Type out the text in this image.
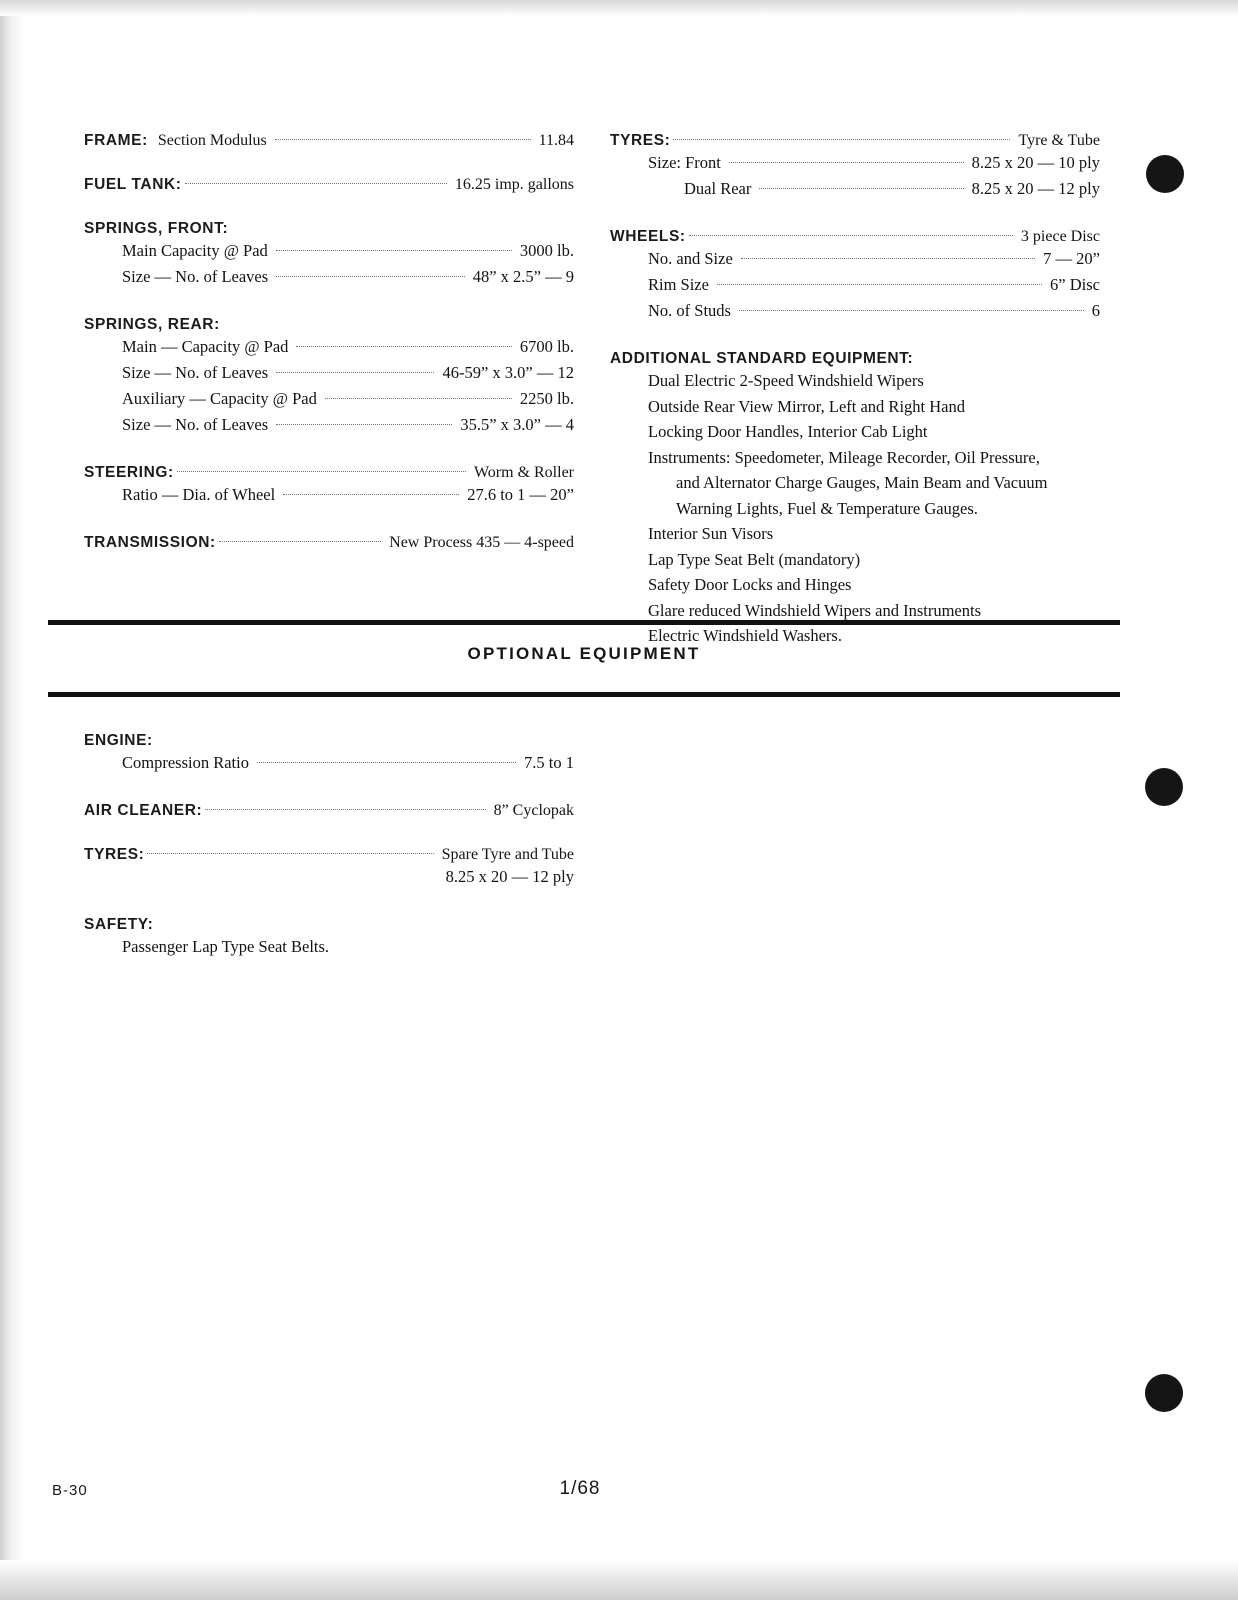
FRAME: Section Modulus	11.84
FUEL TANK:	16.25 imp. gallons
SPRINGS, FRONT:
Main Capacity @ Pad	3000 lb.
Size — No. of Leaves	48” x 2.5” — 9
SPRINGS, REAR:
Main — Capacity @ Pad	6700 lb.
Size — No. of Leaves	46-59” x 3.0” — 12
Auxiliary — Capacity @ Pad	2250 lb.
Size — No. of Leaves	35.5” x 3.0” — 4
STEERING:	Worm & Roller
Ratio — Dia. of Wheel	27.6 to 1 — 20”
TRANSMISSION:	New Process 435 — 4-speed
TYRES:	Tyre & Tube
Size: Front	8.25 x 20 — 10 ply
Dual Rear	8.25 x 20 — 12 ply
WHEELS:	3 piece Disc
No. and Size	7 — 20”
Rim Size	6” Disc
No. of Studs	6
ADDITIONAL STANDARD EQUIPMENT:
Dual Electric 2-Speed Windshield Wipers
Outside Rear View Mirror, Left and Right Hand
Locking Door Handles, Interior Cab Light
Instruments: Speedometer, Mileage Recorder, Oil Pressure,
and Alternator Charge Gauges, Main Beam and Vacuum
Warning Lights, Fuel & Temperature Gauges.
Interior Sun Visors
Lap Type Seat Belt (mandatory)
Safety Door Locks and Hinges
Glare reduced Windshield Wipers and Instruments
Electric Windshield Washers.
OPTIONAL EQUIPMENT
ENGINE:
Compression Ratio	7.5 to 1
AIR CLEANER:	8” Cyclopak
TYRES:	Spare Tyre and Tube
8.25 x 20 — 12 ply
SAFETY:
Passenger Lap Type Seat Belts.
B-30	1/68
